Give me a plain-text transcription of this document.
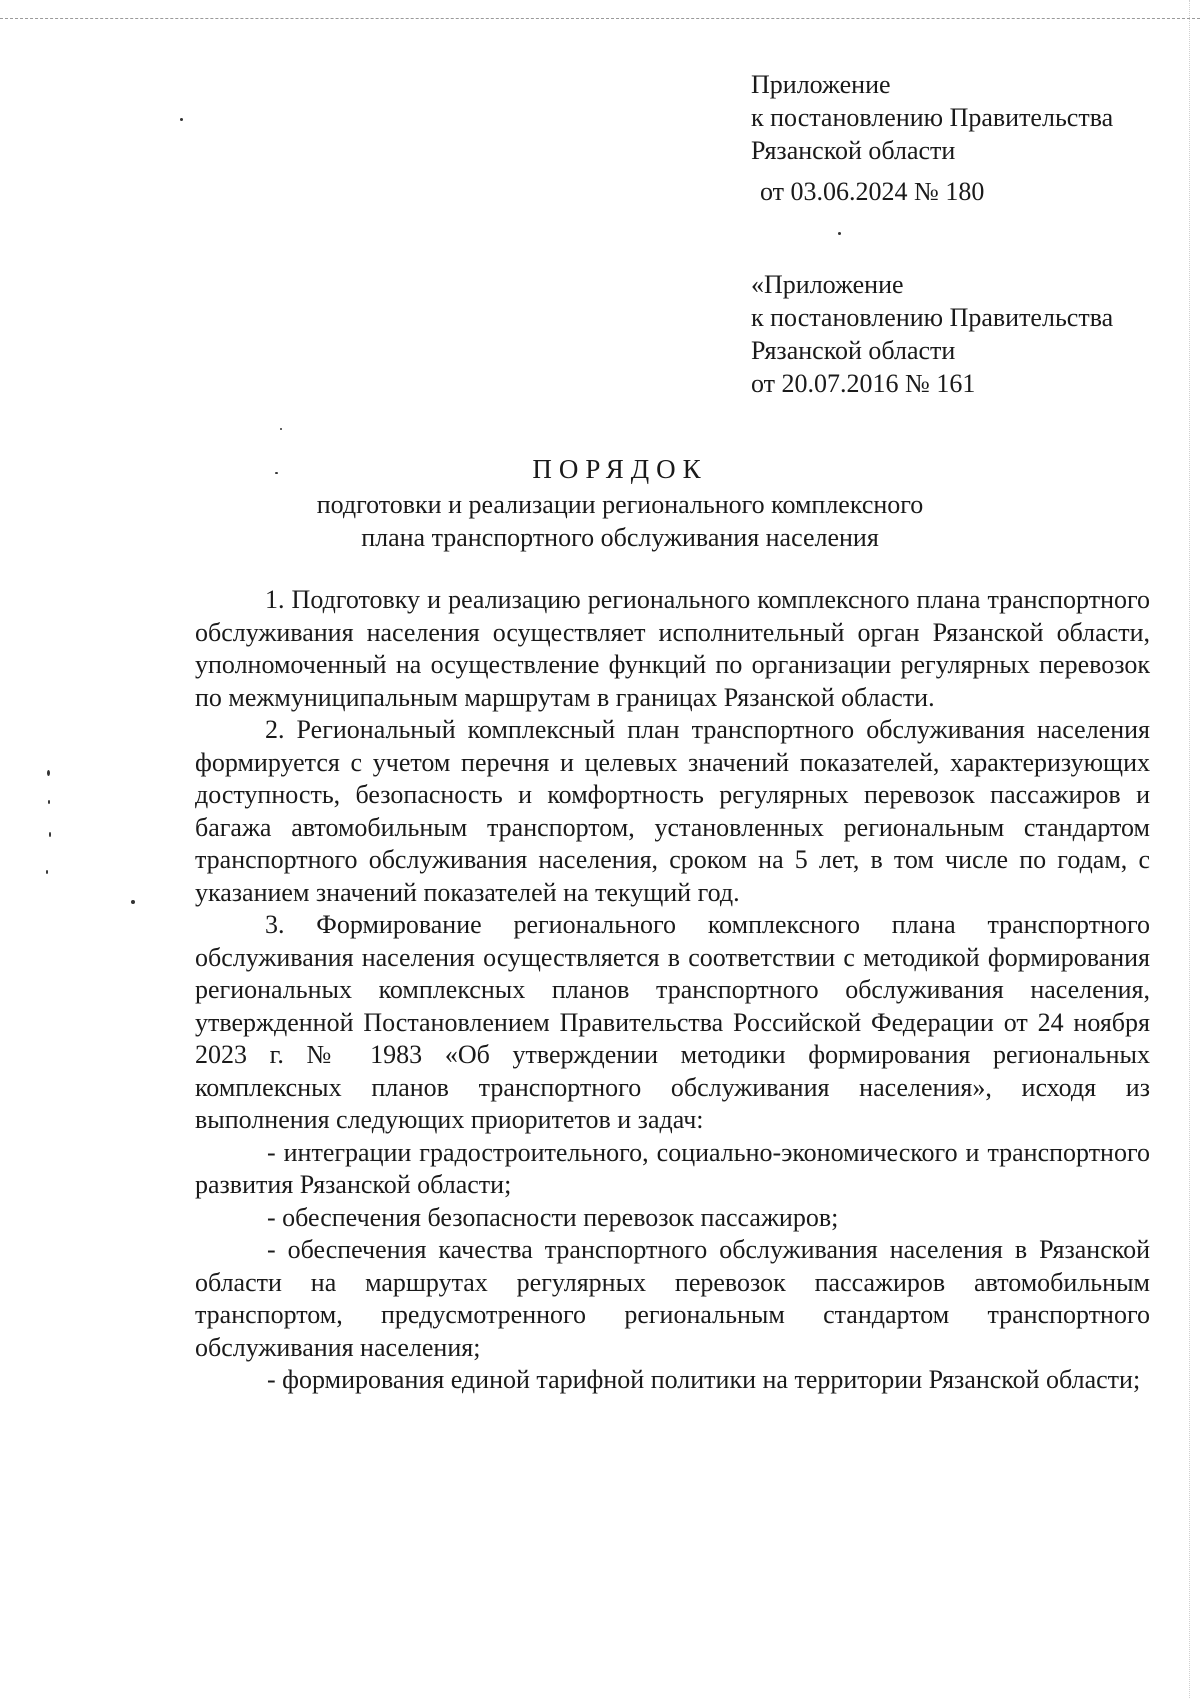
Приложение
к постановлению Правительства
Рязанской области
от 03.06.2024 № 180
«Приложение
к постановлению Правительства
Рязанской области
от 20.07.2016 № 161
ПОРЯДОК
подготовки и реализации регионального комплексного
плана транспортного обслуживания населения

1. Подготовку и реализацию регионального комплексного плана транспортного обслуживания населения осуществляет исполнительный орган Рязанской области, уполномоченный на осуществление функций по организации регулярных перевозок по межмуниципальным маршрутам в границах Рязанской области.

2. Региональный комплексный план транспортного обслуживания населения формируется с учетом перечня и целевых значений показателей, характеризующих доступность, безопасность и комфортность регулярных перевозок пассажиров и багажа автомобильным транспортом, установленных региональным стандартом транспортного обслуживания населения, сроком на 5 лет, в том числе по годам, с указанием значений показателей на текущий год.

3. Формирование регионального комплексного плана транспортного обслуживания населения осуществляется в соответствии с методикой формирования региональных комплексных планов транспортного обслуживания населения, утвержденной Постановлением Правительства Российской Федерации от 24 ноября 2023 г. № 1983 «Об утверждении методики формирования региональных комплексных планов транспортного обслуживания населения», исходя из выполнения следующих приоритетов и задач:

- интеграции градостроительного, социально-экономического и транспортного развития Рязанской области;

- обеспечения безопасности перевозок пассажиров;

- обеспечения качества транспортного обслуживания населения в Рязанской области на маршрутах регулярных перевозок пассажиров автомобильным транспортом, предусмотренного региональным стандартом транспортного обслуживания населения;

- формирования единой тарифной политики на территории Рязанской области;
